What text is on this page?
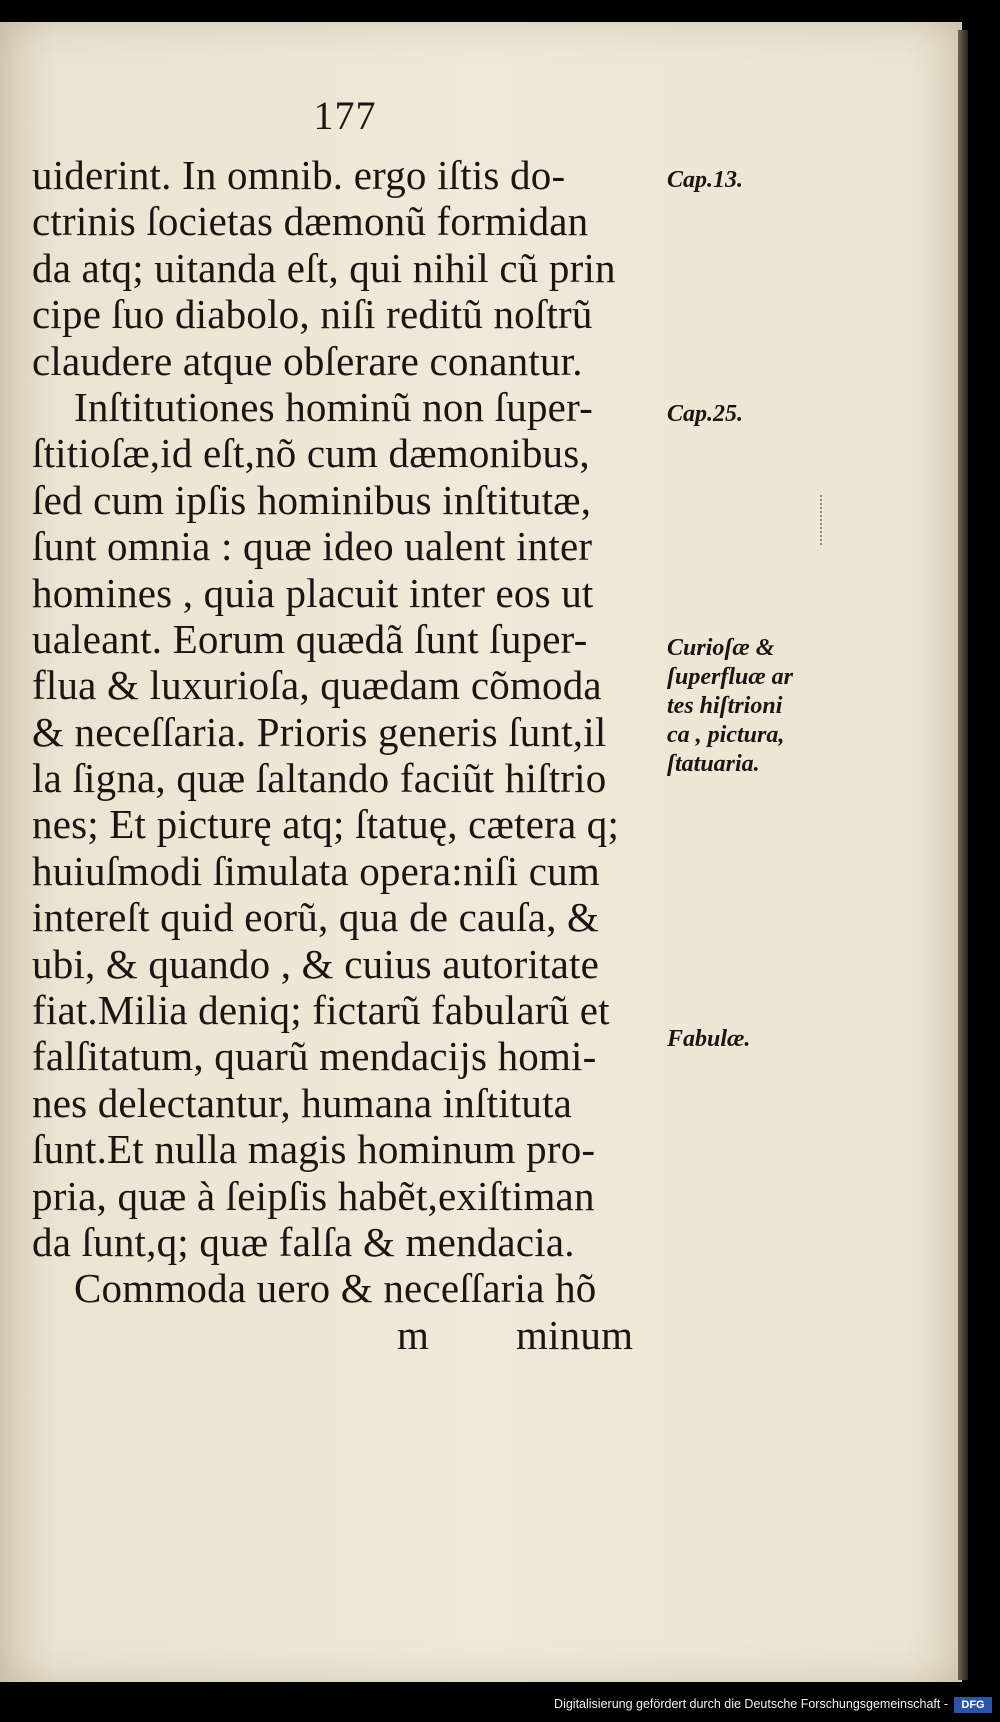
177
uiderint. In omnib. ergo iſtis do-
ctrinis ſocietas dæmonũ formidan
da atq; uitanda eſt, qui nihil cũ prin
cipe ſuo diabolo, niſi reditũ noſtrũ
claudere atque obſerare conantur.
Inſtitutiones hominũ non ſuper-
ſtitioſæ,id eſt,nõ cum dæmonibus,
ſed cum ipſis hominibus inſtitutæ,
ſunt omnia : quæ ideo ualent inter
homines , quia placuit inter eos ut
ualeant. Eorum quædã ſunt ſuper-
flua & luxurioſa, quædam cõmoda
& neceſſaria. Prioris generis ſunt,il
la ſigna, quæ ſaltando faciũt hiſtrio
nes; Et picturę atq; ſtatuę, cætera q;
huiuſmodi ſimulata opera:niſi cum
intereſt quid eorũ, qua de cauſa, &
ubi, & quando , & cuius autoritate
fiat.Milia deniq; fictarũ fabularũ et
falſitatum, quarũ mendacijs homi-
nes delectantur, humana inſtituta
ſunt.Et nulla magis hominum pro-
pria, quæ à ſeipſis habẽt,exiſtiman
da ſunt,q; quæ falſa & mendacia.
Commoda uero & neceſſaria hõ
m minum
Cap.13.
Cap.25.
Curioſæ &
ſuperfluæ ar
tes hiſtrioni
ca , pictura,
ſtatuaria.
Fabulæ.
Digitalisierung gefördert durch die Deutsche Forschungsgemeinschaft -	DFG
